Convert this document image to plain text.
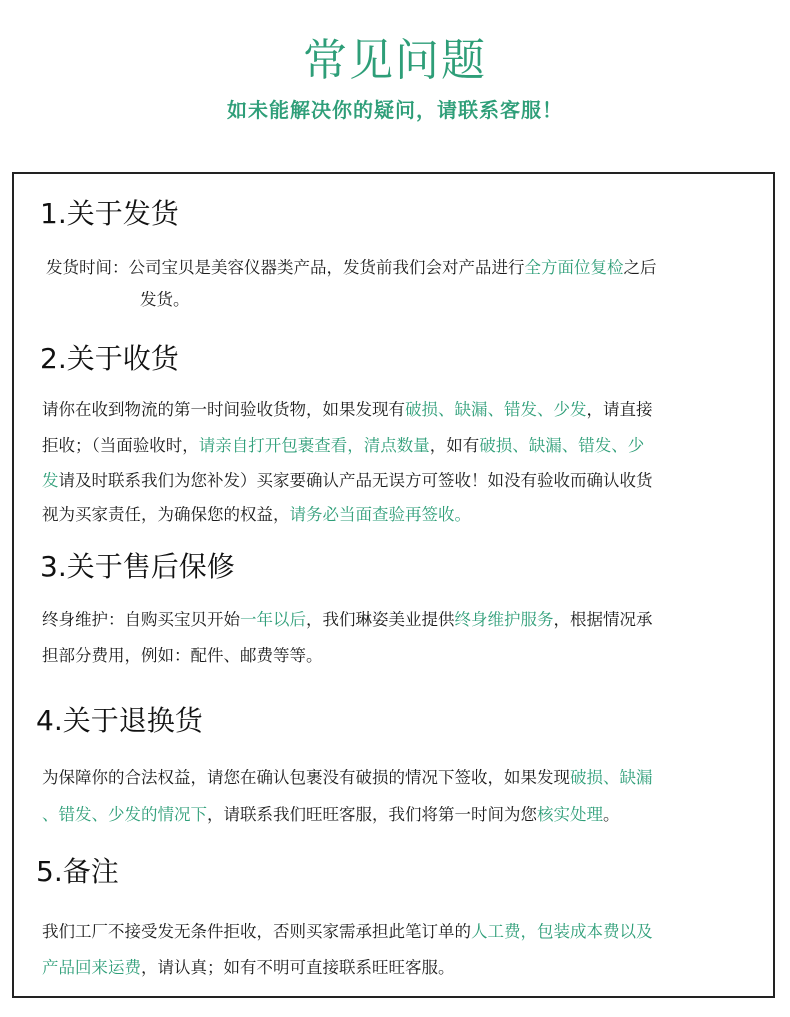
常见问题
如未能解决你的疑问，请联系客服！
1.关于发货
发货时间：公司宝贝是美容仪器类产品，发货前我们会对产品进行全方面位复检之后
发货。
2.关于收货
请你在收到物流的第一时间验收货物，如果发现有破损、缺漏、错发、少发，请直接
拒收；（当面验收时，请亲自打开包裹查看，清点数量，如有破损、缺漏、错发、少
发请及时联系我们为您补发）买家要确认产品无误方可签收！如没有验收而确认收货
视为买家责任，为确保您的权益，请务必当面查验再签收。
3.关于售后保修
终身维护：自购买宝贝开始一年以后，我们琳姿美业提供终身维护服务，根据情况承
担部分费用，例如：配件、邮费等等。
4.关于退换货
为保障你的合法权益，请您在确认包裹没有破损的情况下签收，如果发现破损、缺漏
、错发、少发的情况下，请联系我们旺旺客服，我们将第一时间为您核实处理。
5.备注
我们工厂不接受发无条件拒收，否则买家需承担此笔订单的人工费，包装成本费以及
产品回来运费，请认真；如有不明可直接联系旺旺客服。
